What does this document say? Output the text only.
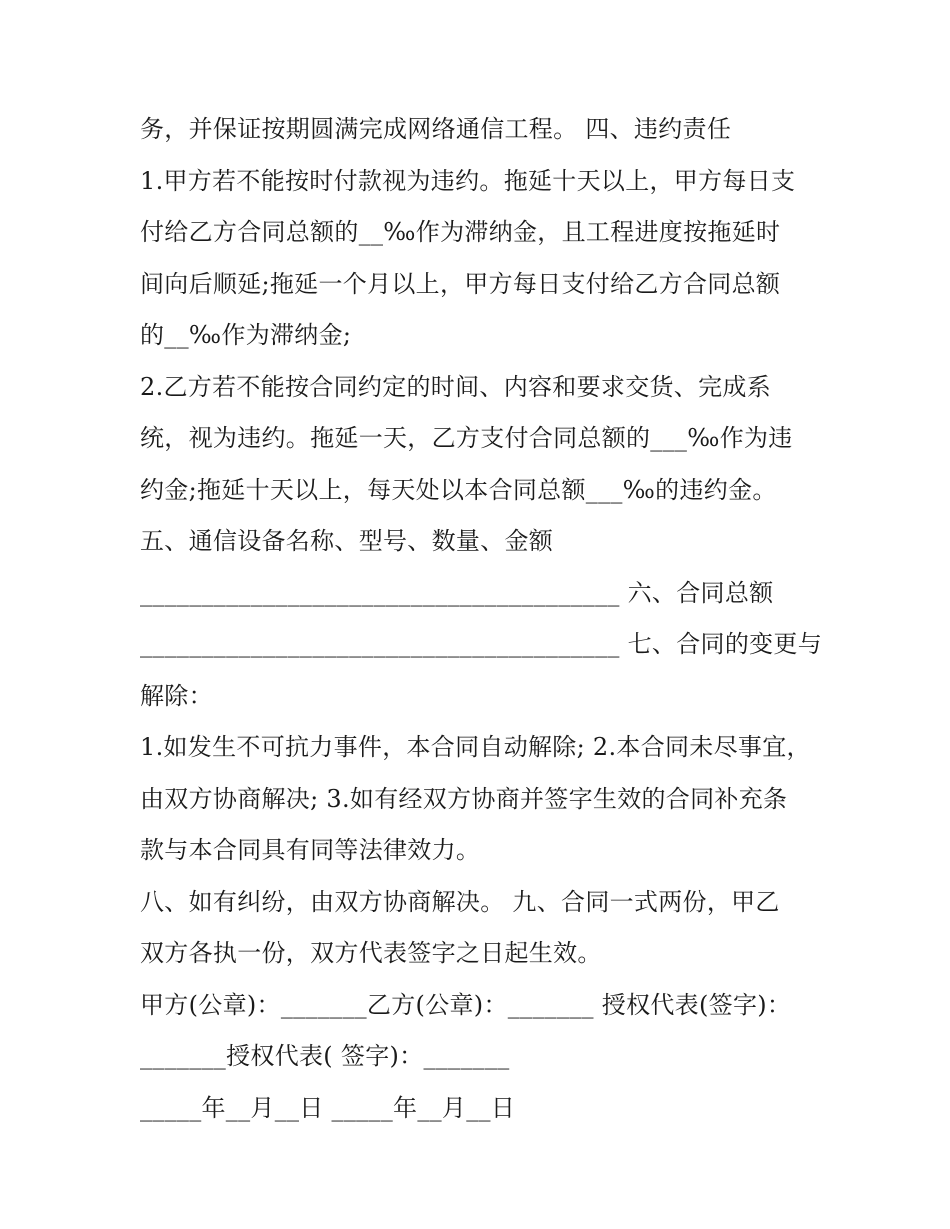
务，并保证按期圆满完成网络通信工程。 四、违约责任
1.甲方若不能按时付款视为违约。拖延十天以上，甲方每日支
付给乙方合同总额的__‰作为滞纳金，且工程进度按拖延时
间向后顺延;拖延一个月以上，甲方每日支付给乙方合同总额
的__‰作为滞纳金;
2.乙方若不能按合同约定的时间、内容和要求交货、完成系
统，视为违约。拖延一天，乙方支付合同总额的___‰作为违
约金;拖延十天以上，每天处以本合同总额___‰的违约金。
五、通信设备名称、型号、数量、金额
_______________________________________ 六、合同总额
_______________________________________ 七、合同的变更与
解除：
1.如发生不可抗力事件，本合同自动解除; 2.本合同未尽事宜，
由双方协商解决; 3.如有经双方协商并签字生效的合同补充条
款与本合同具有同等法律效力。
八、如有纠纷，由双方协商解决。 九、合同一式两份，甲乙
双方各执一份，双方代表签字之日起生效。
甲方(公章)：_______乙方(公章)：_______ 授权代表(签字)：
_______授权代表( 签字)：_______
_____年__月__日 _____年__月__日
